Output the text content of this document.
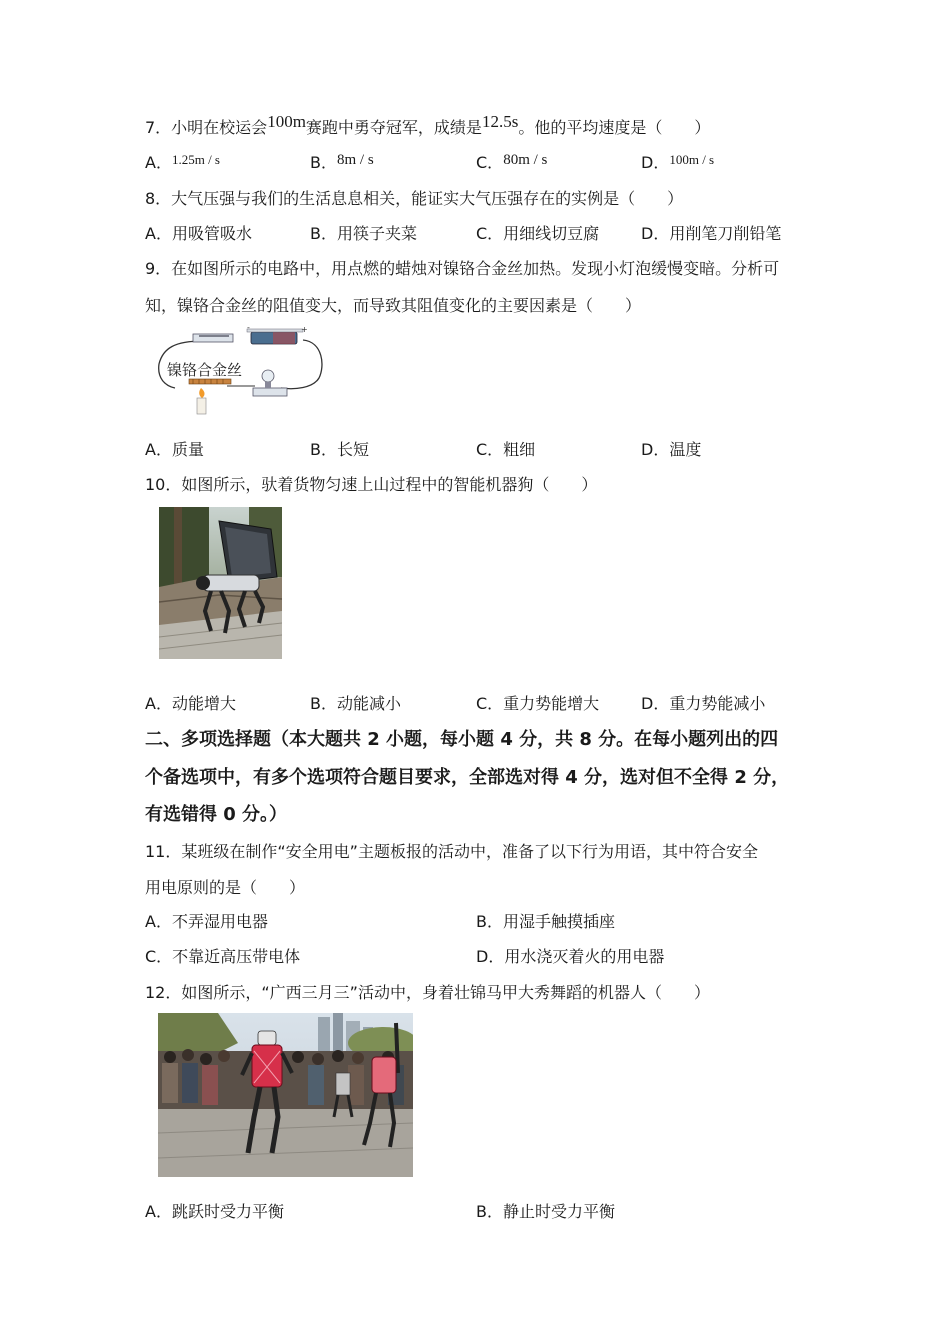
7．小明在校运会100m赛跑中勇夺冠军，成绩是12.5s。他的平均速度是（　　）
A．$^{1.25m / s}$	B．8m / s	C．80m / s	D．$^{100m / s}$
8．大气压强与我们的生活息息相关，能证实大气压强存在的实例是（　　）
A．用吸管吸水	B．用筷子夹菜	C．用细线切豆腐	D．用削笔刀削铅笔
9．在如图所示的电路中，用点燃的蜡烛对镍铬合金丝加热。发现小灯泡缓慢变暗。分析可
知，镍铬合金丝的阻值变大，而导致其阻值变化的主要因素是（　　）
-	+
镍铬合金丝
A．质量	B．长短	C．粗细	D．温度
10．如图所示，驮着货物匀速上山过程中的智能机器狗（　　）
A．动能增大	B．动能减小	C．重力势能增大	D．重力势能减小
二、多项选择题（本大题共 2 小题，每小题 4 分，共 8 分。在每小题列出的四
个备选项中，有多个选项符合题目要求，全部选对得 4 分，选对但不全得 2 分，
有选错得 0 分。）
11．某班级在制作“安全用电”主题板报的活动中，准备了以下行为用语，其中符合安全
用电原则的是（　　）
A．不弄湿用电器	B．用湿手触摸插座
C．不靠近高压带电体	D．用水浇灭着火的用电器
12．如图所示，“广西三月三”活动中，身着壮锦马甲大秀舞蹈的机器人（　　）
A．跳跃时受力平衡	B．静止时受力平衡
